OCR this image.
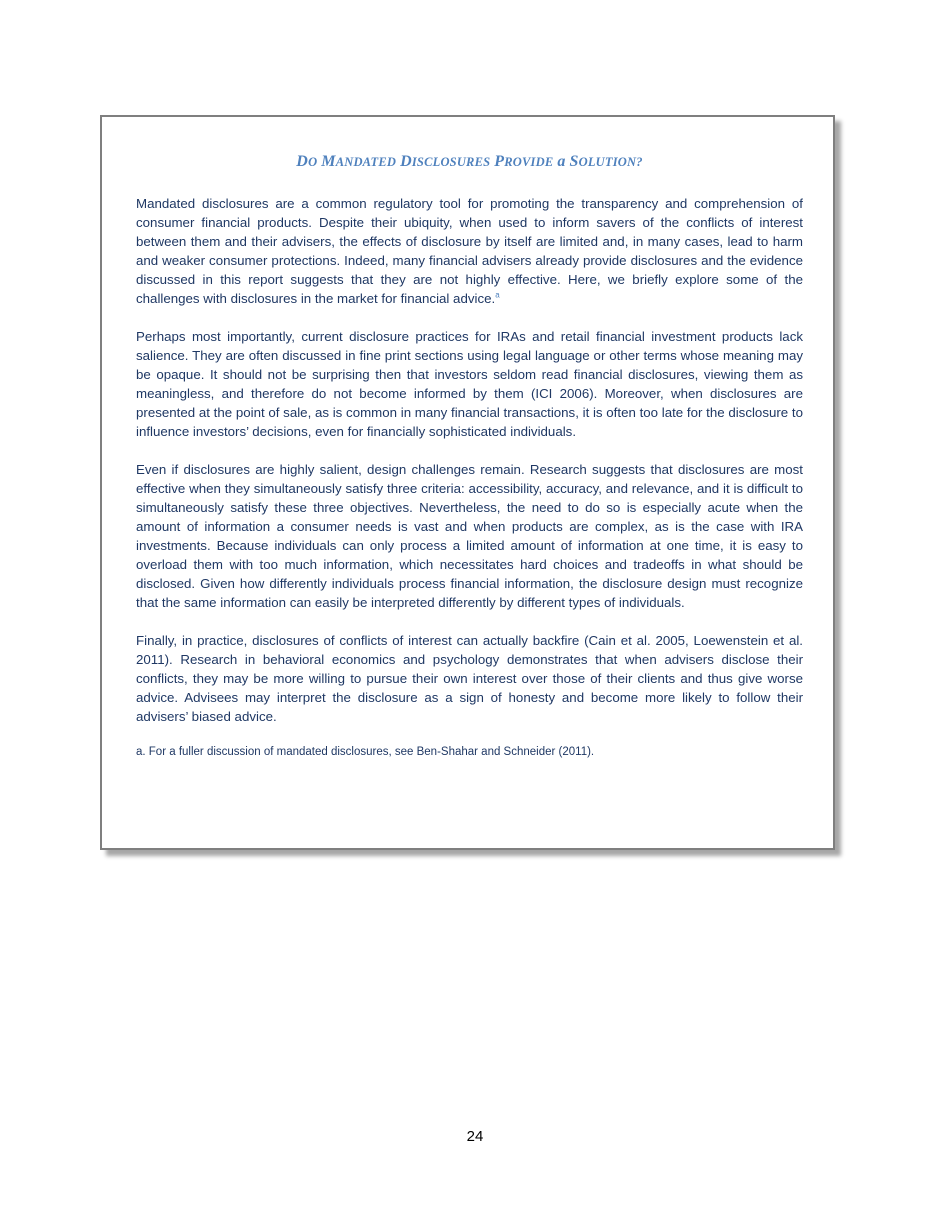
DO MANDATED DISCLOSURES PROVIDE a SOLUTION?

Mandated disclosures are a common regulatory tool for promoting the transparency and comprehension of consumer financial products. Despite their ubiquity, when used to inform savers of the conflicts of interest between them and their advisers, the effects of disclosure by itself are limited and, in many cases, lead to harm and weaker consumer protections. Indeed, many financial advisers already provide disclosures and the evidence discussed in this report suggests that they are not highly effective. Here, we briefly explore some of the challenges with disclosures in the market for financial advice.$^a$

Perhaps most importantly, current disclosure practices for IRAs and retail financial investment products lack salience. They are often discussed in fine print sections using legal language or other terms whose meaning may be opaque. It should not be surprising then that investors seldom read financial disclosures, viewing them as meaningless, and therefore do not become informed by them (ICI 2006). Moreover, when disclosures are presented at the point of sale, as is common in many financial transactions, it is often too late for the disclosure to influence investors’ decisions, even for financially sophisticated individuals.

Even if disclosures are highly salient, design challenges remain. Research suggests that disclosures are most effective when they simultaneously satisfy three criteria: accessibility, accuracy, and relevance, and it is difficult to simultaneously satisfy these three objectives. Nevertheless, the need to do so is especially acute when the amount of information a consumer needs is vast and when products are complex, as is the case with IRA investments. Because individuals can only process a limited amount of information at one time, it is easy to overload them with too much information, which necessitates hard choices and tradeoffs in what should be disclosed. Given how differently individuals process financial information, the disclosure design must recognize that the same information can easily be interpreted differently by different types of individuals.

Finally, in practice, disclosures of conflicts of interest can actually backfire (Cain et al. 2005, Loewenstein et al. 2011). Research in behavioral economics and psychology demonstrates that when advisers disclose their conflicts, they may be more willing to pursue their own interest over those of their clients and thus give worse advice. Advisees may interpret the disclosure as a sign of honesty and become more likely to follow their advisers’ biased advice.

a. For a fuller discussion of mandated disclosures, see Ben-Shahar and Schneider (2011).
24
